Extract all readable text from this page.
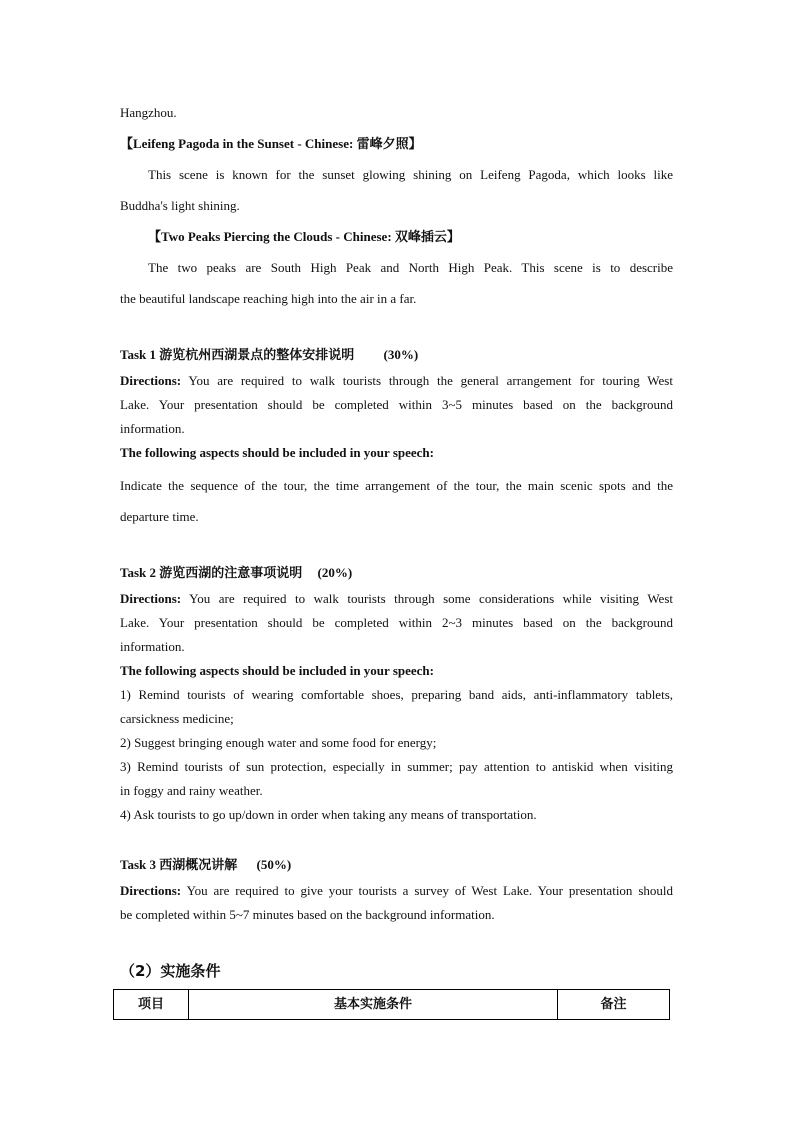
Hangzhou.
【Leifeng Pagoda in the Sunset - Chinese: 雷峰夕照】
This scene is known for the sunset glowing shining on Leifeng Pagoda, which looks like
Buddha's light shining.
【Two Peaks Piercing the Clouds - Chinese: 双峰插云】
The two peaks are South High Peak and North High Peak. This scene is to describe
the beautiful landscape reaching high into the air in a far.
Task 1 游览杭州西湖景点的整体安排说明 (30%)
Directions: You are required to walk tourists through the general arrangement for touring West
Lake. Your presentation should be completed within 3~5 minutes based on the background
information.
The following aspects should be included in your speech:
Indicate the sequence of the tour, the time arrangement of the tour, the main scenic spots and the
departure time.
Task 2 游览西湖的注意事项说明 (20%)
Directions: You are required to walk tourists through some considerations while visiting West
Lake. Your presentation should be completed within 2~3 minutes based on the background
information.
The following aspects should be included in your speech:
1) Remind tourists of wearing comfortable shoes, preparing band aids, anti-inflammatory tablets,
carsickness medicine;
2) Suggest bringing enough water and some food for energy;
3) Remind tourists of sun protection, especially in summer; pay attention to antiskid when visiting
in foggy and rainy weather.
4) Ask tourists to go up/down in order when taking any means of transportation.
Task 3 西湖概况讲解 (50%)
Directions: You are required to give your tourists a survey of West Lake. Your presentation should
be completed within 5~7 minutes based on the background information.
（2）实施条件
项目	基本实施条件	备注
